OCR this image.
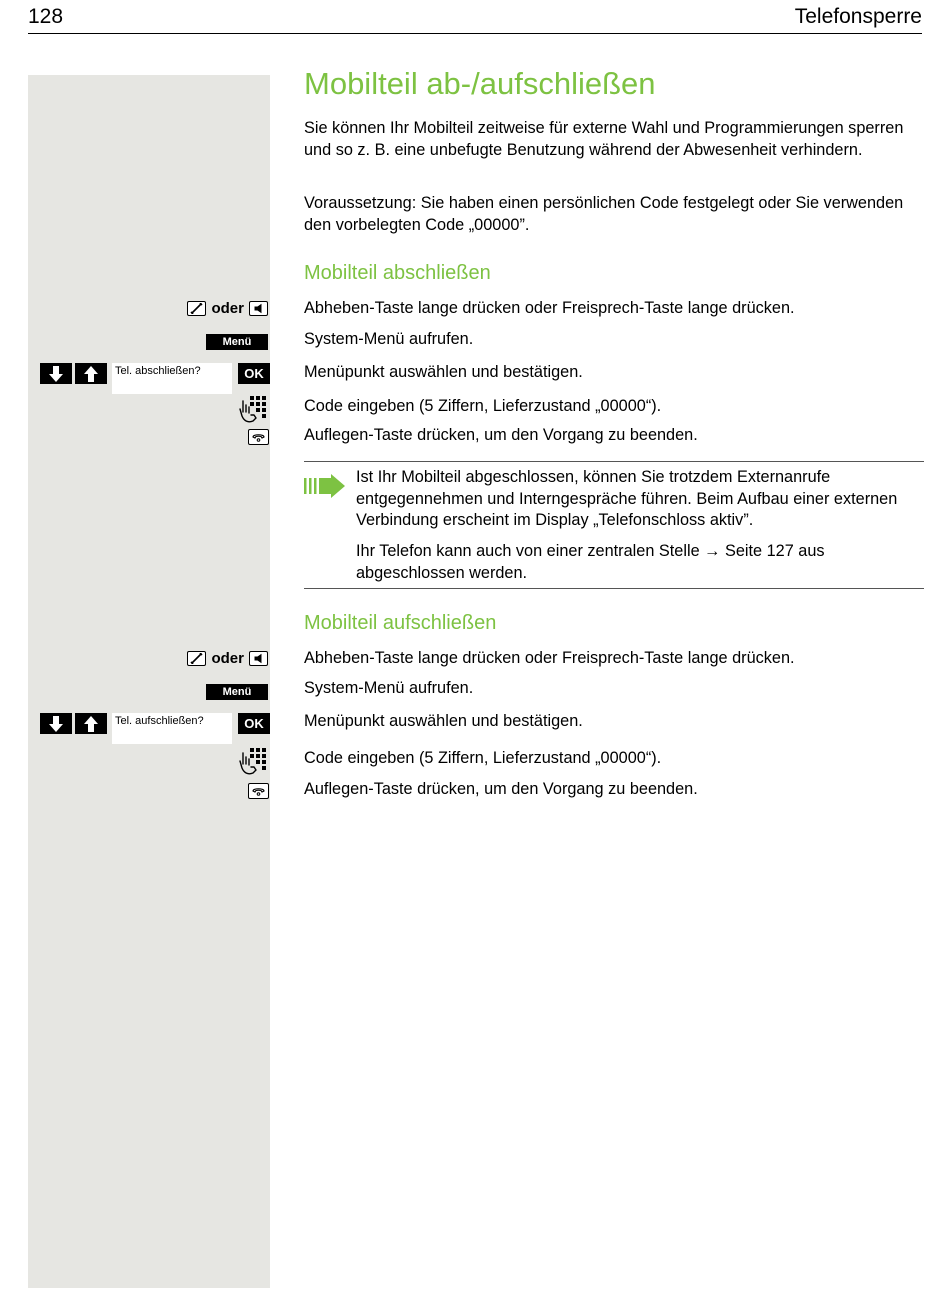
128	Telefonsperre
Mobilteil ab-/aufschließen
Sie können Ihr Mobilteil zeitweise für externe Wahl und Programmierungen sperren und so z. B. eine unbefugte Benutzung während der Abwesenheit verhindern.
Voraussetzung: Sie haben einen persönlichen Code festgelegt oder Sie verwenden den vorbelegten Code „00000”.
Mobilteil abschließen
oder	Abheben-Taste lange drücken oder Freisprech-Taste lange drücken.
Menü	System-Menü aufrufen.
Tel. abschließen?	OK	Menüpunkt auswählen und bestätigen.
Code eingeben (5 Ziffern, Lieferzustand „00000“).
Auflegen-Taste drücken, um den Vorgang zu beenden.
Ist Ihr Mobilteil abgeschlossen, können Sie trotzdem Externanrufe entgegennehmen und Interngespräche führen. Beim Aufbau einer externen Verbindung erscheint im Display „Telefonschloss aktiv”.
Ihr Telefon kann auch von einer zentralen Stelle → Seite 127 aus abgeschlossen werden.
Mobilteil aufschließen
oder	Abheben-Taste lange drücken oder Freisprech-Taste lange drücken.
Menü	System-Menü aufrufen.
Tel. aufschließen?	OK	Menüpunkt auswählen und bestätigen.
Code eingeben (5 Ziffern, Lieferzustand „00000“).
Auflegen-Taste drücken, um den Vorgang zu beenden.
